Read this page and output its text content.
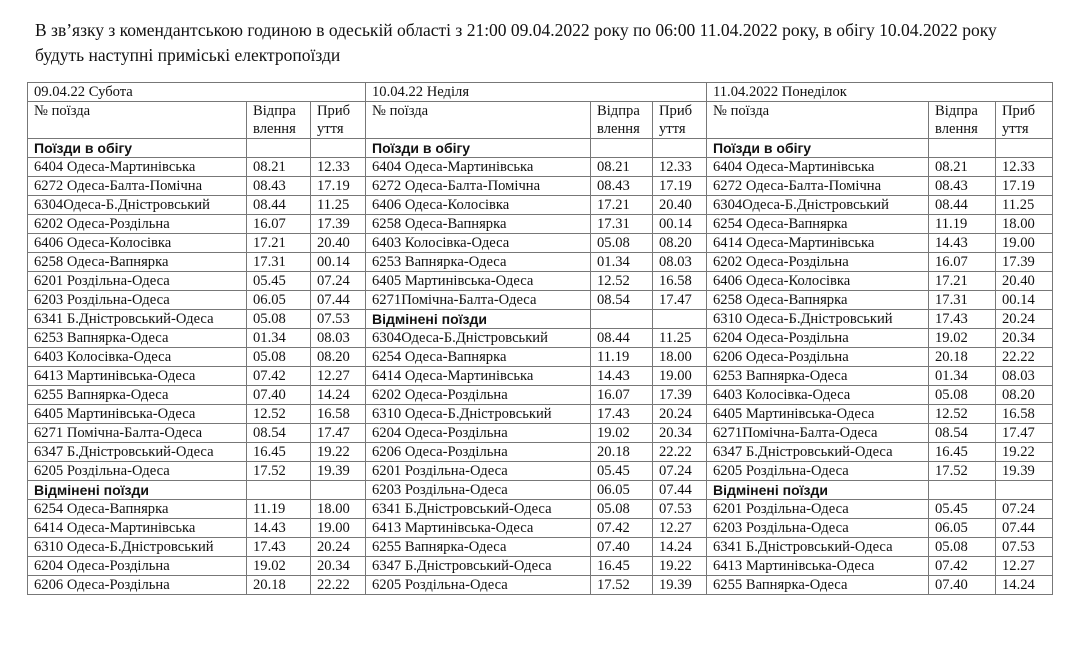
В зв’язку з комендантською годиною в одеській області з 21:00 09.04.2022 року по 06:00 11.04.2022 року, в обігу 10.04.2022 року будуть наступні приміські електропоїзди
09.04.22 Субота			10.04.22 Неділя			11.04.2022 Понеділок		
№ поїзда	Відпра влення	Приб уття	№ поїзда	Відпра влення	Приб уття	№ поїзда	Відпра влення	Приб уття
Поїзди в обігу			Поїзди в обігу			Поїзди в обігу		
6404 Одеса-Мартинівська	08.21	12.33	6404 Одеса-Мартинівська	08.21	12.33	6404 Одеса-Мартинівська	08.21	12.33
6272 Одеса-Балта-Помічна	08.43	17.19	6272 Одеса-Балта-Помічна	08.43	17.19	6272 Одеса-Балта-Помічна	08.43	17.19
6304Одеса-Б.Дністровський	08.44	11.25	6406 Одеса-Колосівка	17.21	20.40	6304Одеса-Б.Дністровський	08.44	11.25
6202 Одеса-Роздільна	16.07	17.39	6258 Одеса-Вапнярка	17.31	00.14	6254 Одеса-Вапнярка	11.19	18.00
6406 Одеса-Колосівка	17.21	20.40	6403 Колосівка-Одеса	05.08	08.20	6414 Одеса-Мартинівська	14.43	19.00
6258 Одеса-Вапнярка	17.31	00.14	6253 Вапнярка-Одеса	01.34	08.03	6202 Одеса-Роздільна	16.07	17.39
6201 Роздільна-Одеса	05.45	07.24	6405 Мартинівська-Одеса	12.52	16.58	6406 Одеса-Колосівка	17.21	20.40
6203 Роздільна-Одеса	06.05	07.44	6271Помічна-Балта-Одеса	08.54	17.47	6258 Одеса-Вапнярка	17.31	00.14
6341 Б.Дністровський-Одеса	05.08	07.53	Відмінені поїзди			6310 Одеса-Б.Дністровський	17.43	20.24
6253 Вапнярка-Одеса	01.34	08.03	6304Одеса-Б.Дністровський	08.44	11.25	6204 Одеса-Роздільна	19.02	20.34
6403 Колосівка-Одеса	05.08	08.20	6254 Одеса-Вапнярка	11.19	18.00	6206 Одеса-Роздільна	20.18	22.22
6413 Мартинівська-Одеса	07.42	12.27	6414 Одеса-Мартинівська	14.43	19.00	6253 Вапнярка-Одеса	01.34	08.03
6255 Вапнярка-Одеса	07.40	14.24	6202 Одеса-Роздільна	16.07	17.39	6403 Колосівка-Одеса	05.08	08.20
6405 Мартинівська-Одеса	12.52	16.58	6310 Одеса-Б.Дністровський	17.43	20.24	6405 Мартинівська-Одеса	12.52	16.58
6271 Помічна-Балта-Одеса	08.54	17.47	6204 Одеса-Роздільна	19.02	20.34	6271Помічна-Балта-Одеса	08.54	17.47
6347 Б.Дністровський-Одеса	16.45	19.22	6206 Одеса-Роздільна	20.18	22.22	6347 Б.Дністровський-Одеса	16.45	19.22
6205 Роздільна-Одеса	17.52	19.39	6201 Роздільна-Одеса	05.45	07.24	6205 Роздільна-Одеса	17.52	19.39
Відмінені поїзди			6203 Роздільна-Одеса	06.05	07.44	Відмінені поїзди		
6254 Одеса-Вапнярка	11.19	18.00	6341 Б.Дністровський-Одеса	05.08	07.53	6201 Роздільна-Одеса	05.45	07.24
6414 Одеса-Мартинівська	14.43	19.00	6413 Мартинівська-Одеса	07.42	12.27	6203 Роздільна-Одеса	06.05	07.44
6310 Одеса-Б.Дністровський	17.43	20.24	6255 Вапнярка-Одеса	07.40	14.24	6341 Б.Дністровський-Одеса	05.08	07.53
6204 Одеса-Роздільна	19.02	20.34	6347 Б.Дністровський-Одеса	16.45	19.22	6413 Мартинівська-Одеса	07.42	12.27
6206 Одеса-Роздільна	20.18	22.22	6205 Роздільна-Одеса	17.52	19.39	6255 Вапнярка-Одеса	07.40	14.24
